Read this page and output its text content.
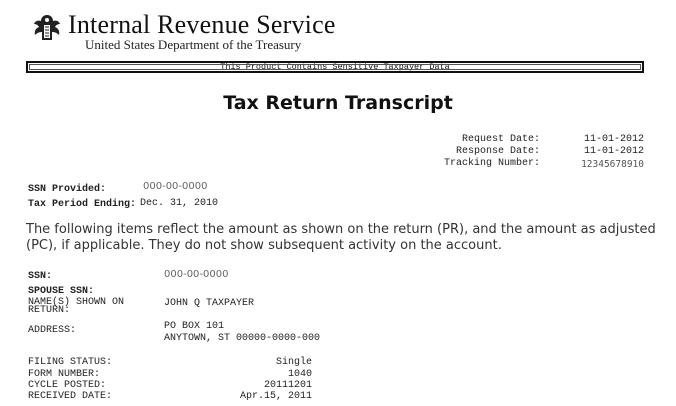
Internal Revenue Service
United States Department of the Treasury
This Product Contains Sensitive Taxpayer Data
Tax Return Transcript
Request Date:	11-01-2012
Response Date:	11-01-2012
Tracking Number:	12345678910
SSN Provided:	000-00-0000
Tax Period Ending: Dec. 31, 2010
The following items reflect the amount as shown on the return (PR), and the amount as adjusted (PC), if applicable. They do not show subsequent activity on the account.
SSN:	000-00-0000
SPOUSE SSN:
NAME(S) SHOWN ON
RETURN:
JOHN Q TAXPAYER
ADDRESS:	PO BOX 101
ANYTOWN, ST 00000-0000-000
FILING STATUS:	Single
FORM NUMBER:	1040
CYCLE POSTED:	20111201
RECEIVED DATE:	Apr.15, 2011
